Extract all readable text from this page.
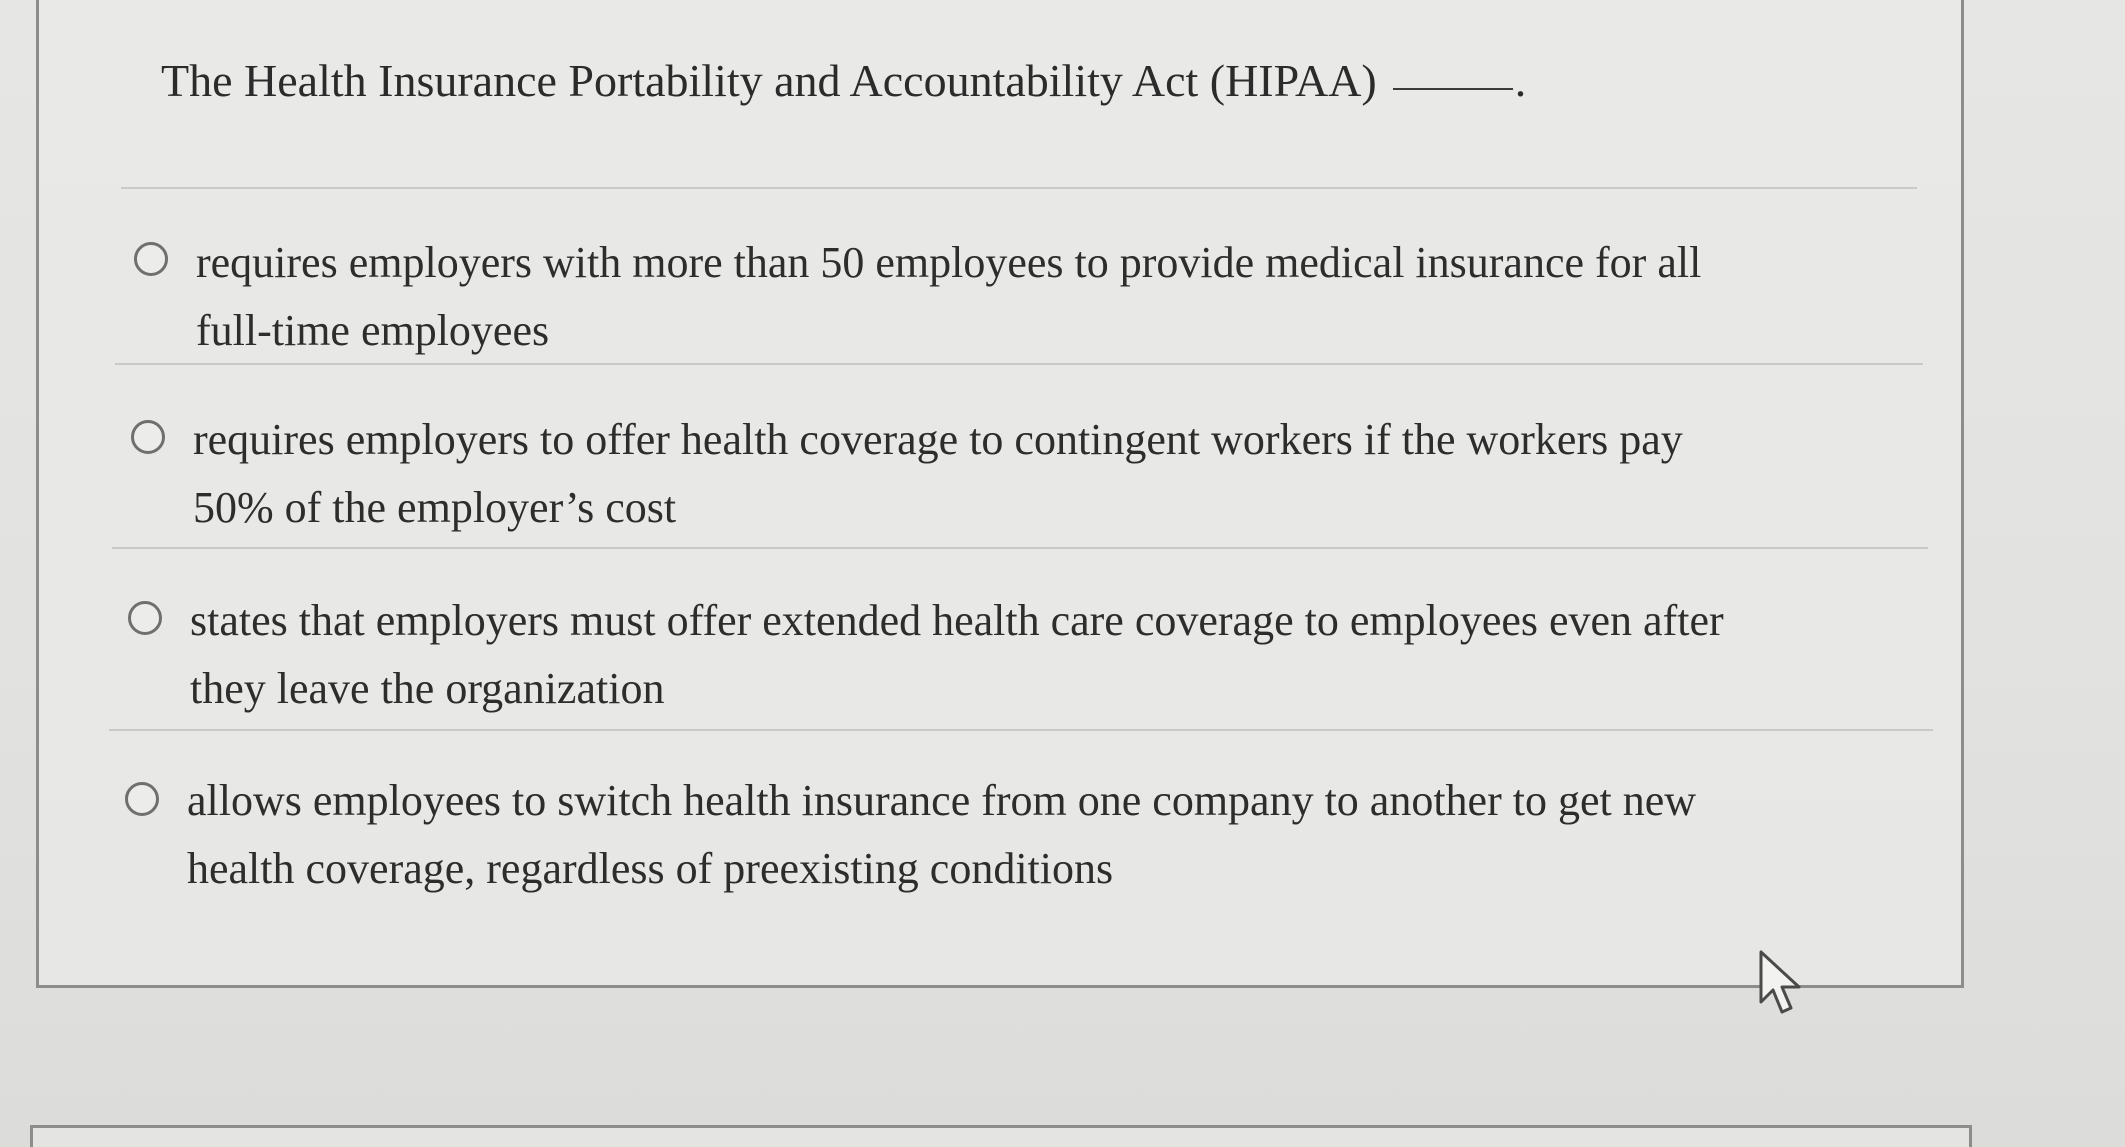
The Health Insurance Portability and Accountability Act (HIPAA)	.
requires employers with more than 50 employees to provide medical insurance for all
full-time employees
requires employers to offer health coverage to contingent workers if the workers pay
50% of the employer’s cost
states that employers must offer extended health care coverage to employees even after
they leave the organization
allows employees to switch health insurance from one company to another to get new
health coverage, regardless of preexisting conditions
